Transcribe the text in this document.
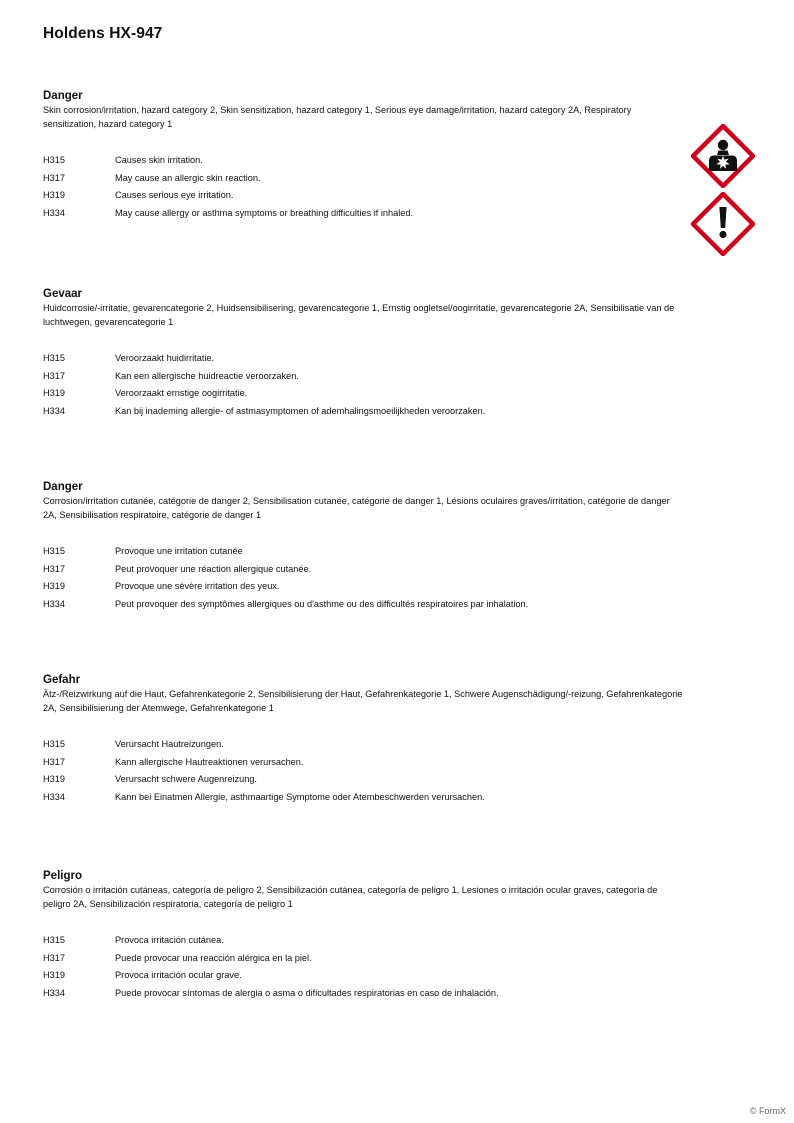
Holdens HX-947
Danger
Skin corrosion/irritation, hazard category 2, Skin sensitization, hazard category 1, Serious eye damage/irritation, hazard category 2A, Respiratory sensitization, hazard category 1
H315	Causes skin irritation.
H317	May cause an allergic skin reaction.
H319	Causes serious eye irritation.
H334	May cause allergy or asthma symptoms or breathing difficulties if inhaled.
Gevaar
Huidcorrosie/-irritatie, gevarencategorie 2, Huidsensibilisering, gevarencategorie 1, Ernstig oogletsel/oogirritatie, gevarencategorie 2A, Sensibilisatie van de luchtwegen, gevarencategorie 1
H315	Veroorzaakt huidirritatie.
H317	Kan een allergische huidreactie veroorzaken.
H319	Veroorzaakt ernstige oogirritatie.
H334	Kan bij inademing allergie- of astmasymptomen of ademhalingsmoeilijkheden veroorzaken.
Danger
Corrosion/irritation cutanée, catégorie de danger 2, Sensibilisation cutanée, catégorie de danger 1, Lésions oculaires graves/irritation, catégorie de danger 2A, Sensibilisation respiratoire, catégorie de danger 1
H315	Provoque une irritation cutanée
H317	Peut provoquer une réaction allergique cutanée.
H319	Provoque une sévère irritation des yeux.
H334	Peut provoquer des symptômes allergiques ou d'asthme ou des difficultés respiratoires par inhalation.
Gefahr
Ätz-/Reizwirkung auf die Haut, Gefahrenkategorie 2, Sensibilisierung der Haut, Gefahrenkategorie 1, Schwere Augenschädigung/-reizung, Gefahrenkategorie 2A, Sensibilisierung der Atemwege, Gefahrenkategorie 1
H315	Verursacht Hautreizungen.
H317	Kann allergische Hautreaktionen verursachen.
H319	Verursacht schwere Augenreizung.
H334	Kann bei Einatmen Allergie, asthmaartige Symptome oder Atembeschwerden verursachen.
Peligro
Corrosión o irritación cutáneas, categoría de peligro 2, Sensibilización cutánea, categoría de peligro 1, Lesiones o irritación ocular graves, categoría de peligro 2A, Sensibilización respiratoria, categoría de peligro 1
H315	Provoca irritación cutánea.
H317	Puede provocar una reacción alérgica en la piel.
H319	Provoca irritación ocular grave.
H334	Puede provocar síntomas de alergia o asma o dificultades respiratorias en caso de inhalación.
© FormX
